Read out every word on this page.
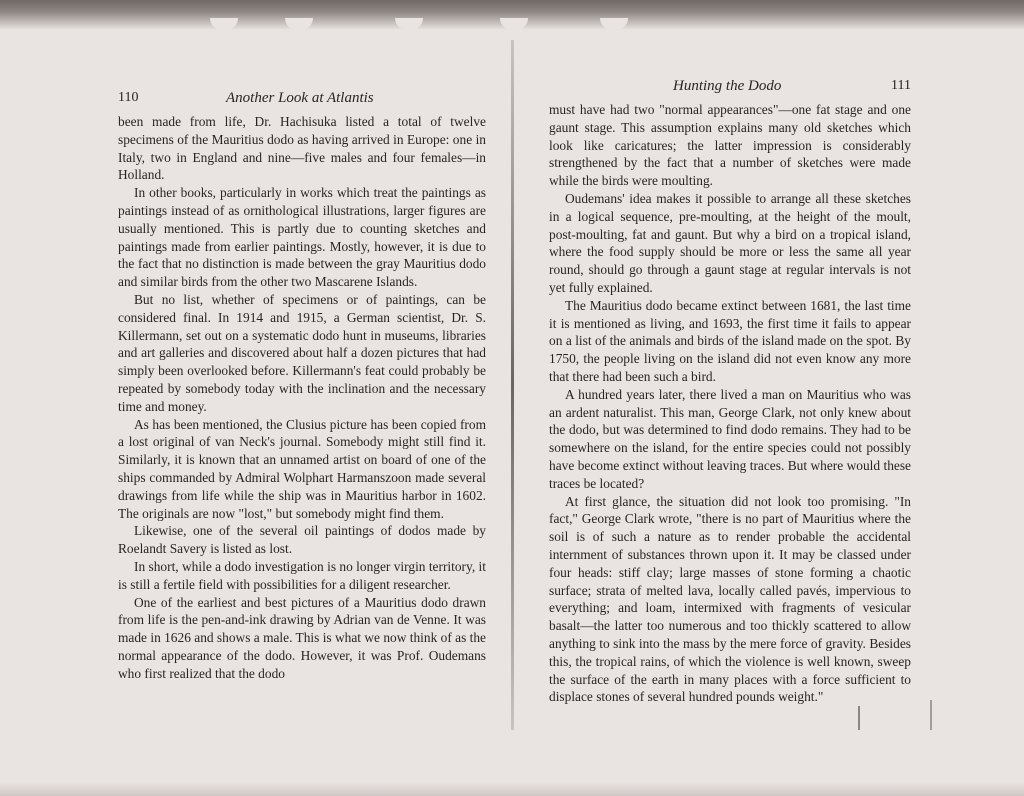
110	Another Look at Atlantis

been made from life, Dr. Hachisuka listed a total of twelve specimens of the Mauritius dodo as having arrived in Europe: one in Italy, two in England and nine—five males and four females—in Holland.

In other books, particularly in works which treat the paintings as paintings instead of as ornithological illustrations, larger figures are usually mentioned. This is partly due to counting sketches and paintings made from earlier paintings. Mostly, however, it is due to the fact that no distinction is made between the gray Mauritius dodo and similar birds from the other two Mascarene Islands.

But no list, whether of specimens or of paintings, can be considered final. In 1914 and 1915, a German scientist, Dr. S. Killermann, set out on a systematic dodo hunt in museums, libraries and art galleries and discovered about half a dozen pictures that had simply been overlooked before. Killermann's feat could probably be repeated by somebody today with the inclination and the necessary time and money.

As has been mentioned, the Clusius picture has been copied from a lost original of van Neck's journal. Somebody might still find it. Similarly, it is known that an unnamed artist on board of one of the ships commanded by Admiral Wolphart Harmanszoon made several drawings from life while the ship was in Mauritius harbor in 1602. The originals are now "lost," but somebody might find them.

Likewise, one of the several oil paintings of dodos made by Roelandt Savery is listed as lost.

In short, while a dodo investigation is no longer virgin territory, it is still a fertile field with possibilities for a diligent researcher.

One of the earliest and best pictures of a Mauritius dodo drawn from life is the pen-and-ink drawing by Adrian van de Venne. It was made in 1626 and shows a male. This is what we now think of as the normal appearance of the dodo. However, it was Prof. Oudemans who first realized that the dodo

Hunting the Dodo	111

must have had two "normal appearances"—one fat stage and one gaunt stage. This assumption explains many old sketches which look like caricatures; the latter impression is considerably strengthened by the fact that a number of sketches were made while the birds were moulting.

Oudemans' idea makes it possible to arrange all these sketches in a logical sequence, pre-moulting, at the height of the moult, post-moulting, fat and gaunt. But why a bird on a tropical island, where the food supply should be more or less the same all year round, should go through a gaunt stage at regular intervals is not yet fully explained.

The Mauritius dodo became extinct between 1681, the last time it is mentioned as living, and 1693, the first time it fails to appear on a list of the animals and birds of the island made on the spot. By 1750, the people living on the island did not even know any more that there had been such a bird.

A hundred years later, there lived a man on Mauritius who was an ardent naturalist. This man, George Clark, not only knew about the dodo, but was determined to find dodo remains. They had to be somewhere on the island, for the entire species could not possibly have become extinct without leaving traces. But where would these traces be located?

At first glance, the situation did not look too promising. "In fact," George Clark wrote, "there is no part of Mauritius where the soil is of such a nature as to render probable the accidental internment of substances thrown upon it. It may be classed under four heads: stiff clay; large masses of stone forming a chaotic surface; strata of melted lava, locally called pavés, impervious to everything; and loam, intermixed with fragments of vesicular basalt—the latter too numerous and too thickly scattered to allow anything to sink into the mass by the mere force of gravity. Besides this, the tropical rains, of which the violence is well known, sweep the surface of the earth in many places with a force sufficient to displace stones of several hundred pounds weight."
